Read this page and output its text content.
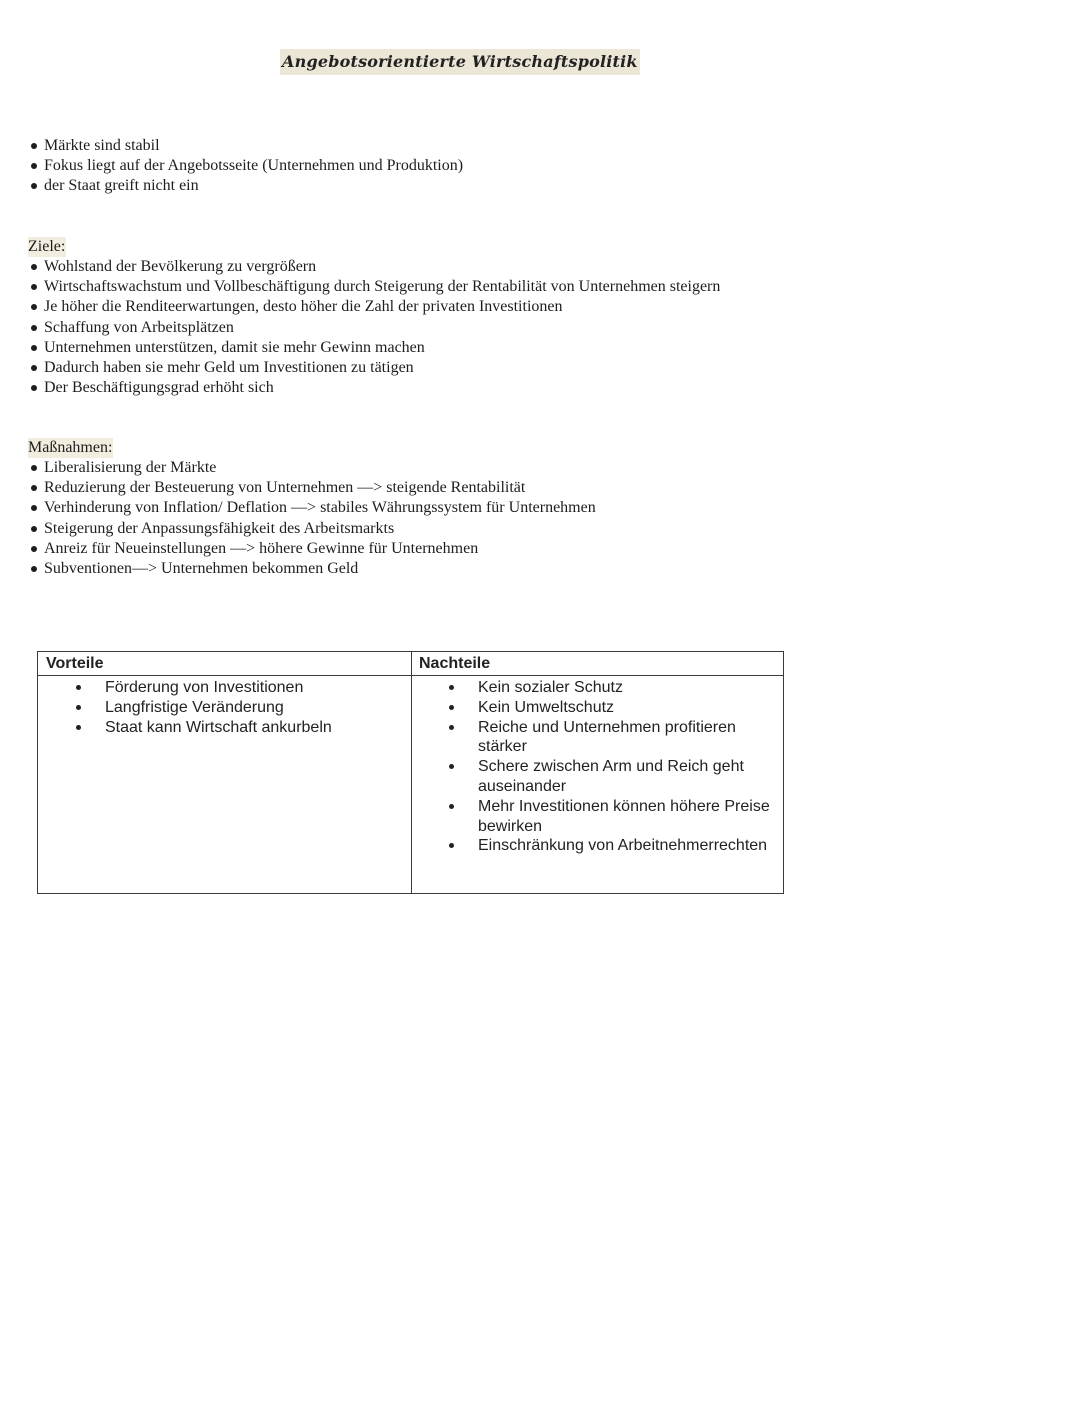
Angebotsorientierte Wirtschaftspolitik
Märkte sind stabil
Fokus liegt auf der Angebotsseite (Unternehmen und Produktion)
der Staat greift nicht ein
Ziele:
Wohlstand der Bevölkerung zu vergrößern
Wirtschaftswachstum und Vollbeschäftigung durch Steigerung der Rentabilität von Unternehmen steigern
Je höher die Renditeerwartungen, desto höher die Zahl der privaten Investitionen
Schaffung von Arbeitsplätzen
Unternehmen unterstützen, damit sie mehr Gewinn machen
Dadurch haben sie mehr Geld um Investitionen zu tätigen
Der Beschäftigungsgrad erhöht sich
Maßnahmen:
Liberalisierung der Märkte
Reduzierung der Besteuerung von Unternehmen —> steigende Rentabilität
Verhinderung von Inflation/ Deflation —> stabiles Währungssystem für Unternehmen
Steigerung der Anpassungsfähigkeit des Arbeitsmarkts
Anreiz für Neueinstellungen —> höhere Gewinne für Unternehmen
Subventionen—> Unternehmen bekommen Geld
Vorteile
Förderung von Investitionen
Langfristige Veränderung
Staat kann Wirtschaft ankurbeln
Nachteile
Kein sozialer Schutz
Kein Umweltschutz
Reiche und Unternehmen profitieren stärker
Schere zwischen Arm und Reich geht auseinander
Mehr Investitionen können höhere Preise bewirken
Einschränkung von Arbeitnehmerrechten
